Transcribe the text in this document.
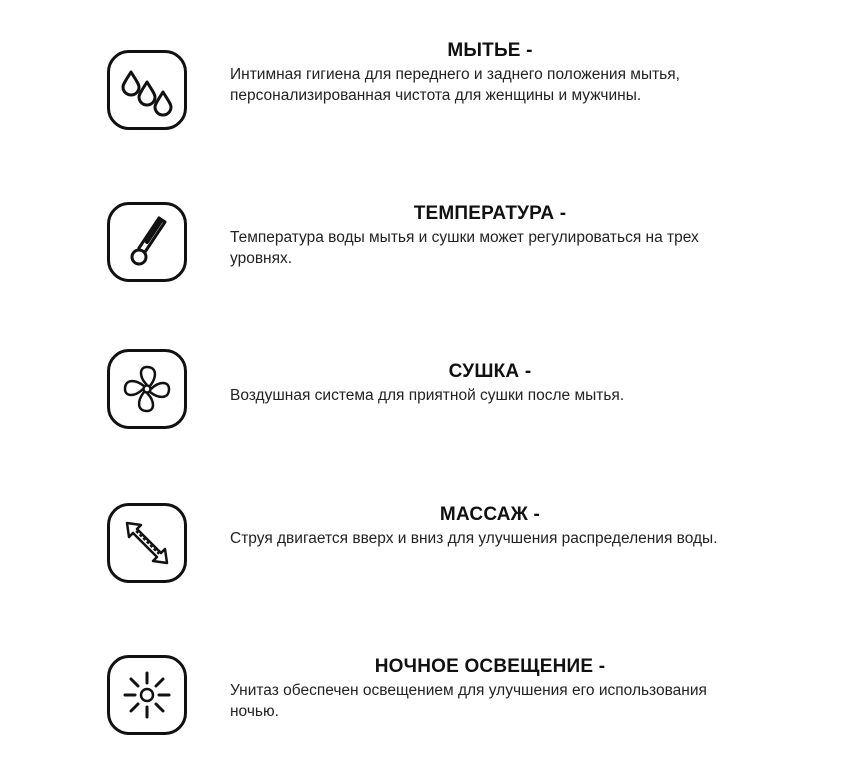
МЫТЬЕ -

Интимная гигиена для переднего и заднего положения мытья, персонализированная чистота для женщины и мужчины.

ТЕМПЕРАТУРА -

Температура воды мытья и сушки может регулироваться на трех уровнях.

СУШКА -

Воздушная система для приятной сушки после мытья.

МАССАЖ -

Струя двигается вверх и вниз для улучшения распределения воды.

НОЧНОЕ ОСВЕЩЕНИЕ -

Унитаз обеспечен освещением для улучшения его использования ночью.
